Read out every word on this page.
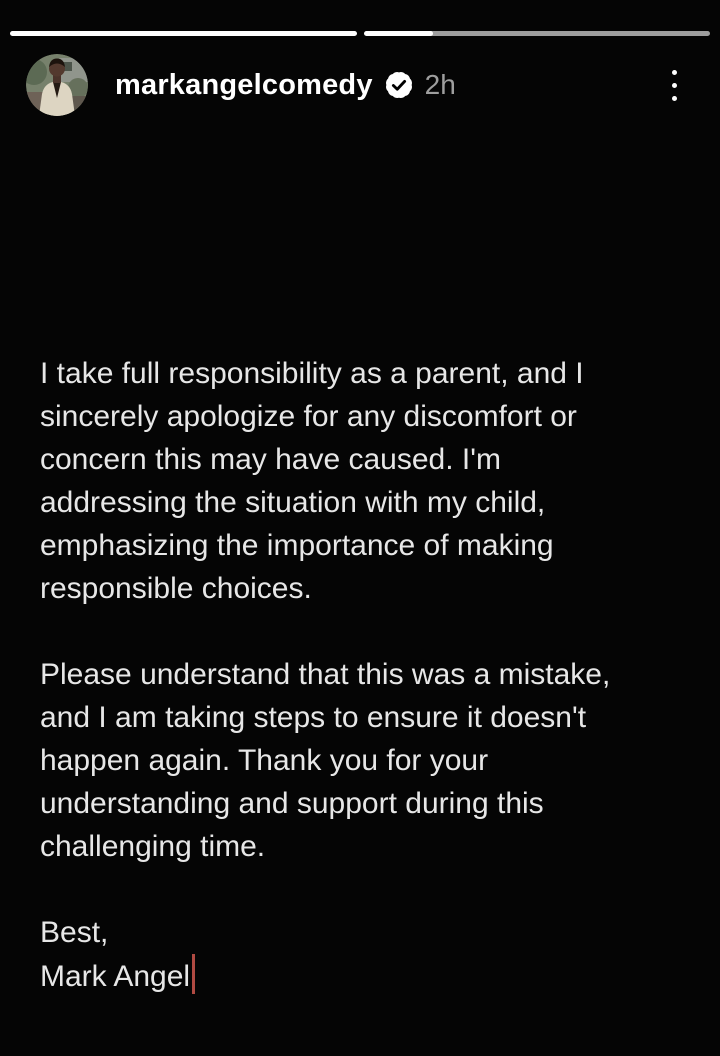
markangelcomedy 2h
I take full responsibility as a parent, and I
sincerely apologize for any discomfort or
concern this may have caused. I'm
addressing the situation with my child,
emphasizing the importance of making
responsible choices.
Please understand that this was a mistake,
and I am taking steps to ensure it doesn't
happen again. Thank you for your
understanding and support during this
challenging time.
Best,
Mark Angel
